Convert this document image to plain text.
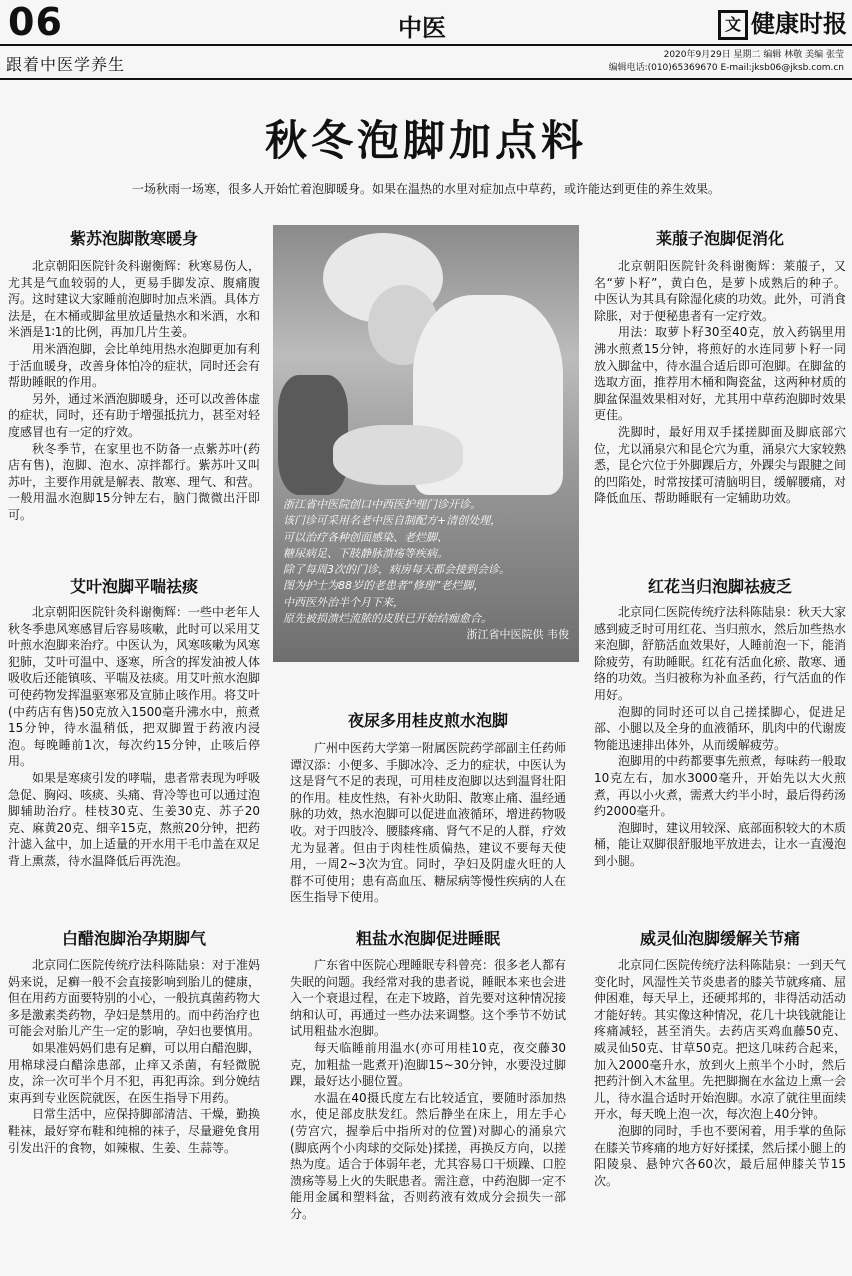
06	中医	文 健康时报
跟着中医学养生	2020年9月29日 星期二 编辑 林敬 美编 张莹
编辑电话:(010)65369670 E-mail:jksb06@jksb.com.cn
秋冬泡脚加点料
一场秋雨一场寒，很多人开始忙着泡脚暖身。如果在温热的水里对症加点中草药，或许能达到更佳的养生效果。
紫苏泡脚散寒暖身

北京朝阳医院针灸科谢衡辉：秋寒易伤人，尤其是气血较弱的人，更易手脚发凉、腹痛腹泻。这时建议大家睡前泡脚时加点米酒。具体方法是，在木桶或脚盆里放适量热水和米酒，水和米酒是1∶1的比例，再加几片生姜。

用米酒泡脚，会比单纯用热水泡脚更加有利于活血暖身，改善身体怕冷的症状，同时还会有帮助睡眠的作用。

另外，通过米酒泡脚暖身，还可以改善体虚的症状，同时，还有助于增强抵抗力，甚至对轻度感冒也有一定的疗效。

秋冬季节，在家里也不防备一点紫苏叶(药店有售)，泡脚、泡水、凉拌都行。紫苏叶又叫苏叶，主要作用就是解表、散寒、理气、和营。一般用温水泡脚15分钟左右，脑门微微出汗即可。

艾叶泡脚平喘祛痰

北京朝阳医院针灸科谢衡辉：一些中老年人秋冬季患风寒感冒后容易咳嗽，此时可以采用艾叶煎水泡脚来治疗。中医认为，风寒咳嗽为风寒犯肺，艾叶可温中、逐寒，所含的挥发油被人体吸收后还能镇咳、平喘及祛痰。用艾叶煎水泡脚可使药物发挥温驱寒邪及宣肺止咳作用。将艾叶(中药店有售)50克放入1500毫升沸水中，煎煮15分钟，待水温稍低，把双脚置于药液内浸泡。每晚睡前1次，每次约15分钟，止咳后停用。

如果是寒痰引发的哮喘，患者常表现为呼吸急促、胸闷、咳痰、头痛、背冷等也可以通过泡脚辅助治疗。桂枝30克、生姜30克、苏子20克、麻黄20克、细辛15克，熬煎20分钟，把药汁滤入盆中，加上适量的开水用干毛巾盖在双足背上熏蒸，待水温降低后再洗泡。

白醋泡脚治孕期脚气

北京同仁医院传统疗法科陈陆泉：对于准妈妈来说，足癣一般不会直接影响到胎儿的健康，但在用药方面要特别的小心，一般抗真菌药物大多是激素类药物，孕妇是禁用的。而中药治疗也可能会对胎儿产生一定的影响，孕妇也要慎用。

如果准妈妈们患有足癣，可以用白醋泡脚，用棉球浸白醋涂患部，止痒又杀菌，有轻微脱皮，涂一次可半个月不犯，再犯再涂。到分娩结束再到专业医院就医，在医生指导下用药。

日常生活中，应保持脚部清洁、干燥，勤换鞋袜，最好穿布鞋和纯棉的袜子，尽量避免食用引发出汗的食物，如辣椒、生姜、生蒜等。

浙江省中医院创口中西医护理门诊开诊。
该门诊可采用名老中医自制配方+清创处理，
可以治疗各种创面感染、老烂脚、
糖尿病足、下肢静脉溃疡等疾病。
除了每周3次的门诊，病房每天都会接到会诊。
图为护士为88岁的老患者“修理”老烂脚，
中西医外治半个月下来，
原先被损溃烂流脓的皮肤已开始结痂愈合。
浙江省中医院供 韦俊
夜尿多用桂皮煎水泡脚

广州中医药大学第一附属医院药学部副主任药师谭汉添：小便多、手脚冰冷、乏力的症状，中医认为这是肾气不足的表现，可用桂皮泡脚以达到温肾壮阳的作用。桂皮性热，有补火助阳、散寒止痛、温经通脉的功效，热水泡脚可以促进血液循环，增进药物吸收。对于四肢冷、腰膝疼痛、肾气不足的人群，疗效尤为显著。但由于肉桂性质偏热，建议不要每天使用，一周2~3次为宜。同时，孕妇及阴虚火旺的人群不可使用；患有高血压、糖尿病等慢性疾病的人在医生指导下使用。

粗盐水泡脚促进睡眠

广东省中医院心理睡眠专科曾亮：很多老人都有失眠的问题。我经常对我的患者说，睡眠本来也会进入一个衰退过程，在走下坡路，首先要对这种情况接纳和认可，再通过一些办法来调整。这个季节不妨试试用粗盐水泡脚。

每天临睡前用温水(亦可用桂10克，夜交藤30克，加粗盐一匙煮开)泡脚15~30分钟，水要没过脚踝，最好达小腿位置。

水温在40摄氏度左右比较适宜，要随时添加热水，使足部皮肤发红。然后静坐在床上，用左手心(劳宫穴，握拳后中指所对的位置)对脚心的涌泉穴(脚底两个小肉球的交际处)揉搓，再换反方向，以搓热为度。适合于体弱年老，尤其容易口干烦躁、口腔溃疡等易上火的失眠患者。需注意，中药泡脚一定不能用金属和塑料盆，否则药液有效成分会损失一部分。

莱菔子泡脚促消化

北京朝阳医院针灸科谢衡辉：莱菔子，又名“萝卜籽”，黄白色，是萝卜成熟后的种子。中医认为其具有除湿化痰的功效。此外，可消食除胀，对于便秘患者有一定疗效。

用法：取萝卜籽30至40克，放入药锅里用沸水煎煮15分钟，将煎好的水连同萝卜籽一同放入脚盆中，待水温合适后即可泡脚。在脚盆的选取方面，推荐用木桶和陶瓷盆，这两种材质的脚盆保温效果相对好，尤其用中草药泡脚时效果更佳。

洗脚时，最好用双手揉搓脚面及脚底部穴位，尤以涌泉穴和昆仑穴为重，涌泉穴大家较熟悉，昆仑穴位于外脚踝后方，外踝尖与跟腱之间的凹陷处，时常按揉可清脑明目，缓解腰痛，对降低血压、帮助睡眠有一定辅助功效。

红花当归泡脚祛疲乏

北京同仁医院传统疗法科陈陆泉：秋天大家感到疲乏时可用红花、当归煎水，然后加些热水来泡脚，舒筋活血效果好，人睡前泡一下，能消除疲劳，有助睡眠。红花有活血化瘀、散寒、通络的功效。当归被称为补血圣药，行气活血的作用好。

泡脚的同时还可以自己搓揉脚心，促进足部、小腿以及全身的血液循环，肌肉中的代谢废物能迅速排出体外，从而缓解疲劳。

泡脚用的中药都要事先煎煮，每味药一般取10克左右，加水3000毫升，开始先以大火煎煮，再以小火煮，需煮大约半小时，最后得药汤约2000毫升。

泡脚时，建议用较深、底部面积较大的木质桶，能让双脚很舒服地平放进去，让水一直漫泡到小腿。

威灵仙泡脚缓解关节痛

北京同仁医院传统疗法科陈陆泉：一到天气变化时，风湿性关节炎患者的膝关节就疼痛、屈伸困难，每天早上，还硬邦邦的，非得活动活动才能好转。其实像这种情况，花几十块钱就能让疼痛减轻，甚至消失。去药店买鸡血藤50克、威灵仙50克、甘草50克。把这几味药合起来，加入2000毫升水，放到火上煎半个小时，然后把药汁倒入木盆里。先把脚搁在水盆边上熏一会儿，待水温合适时开始泡脚。水凉了就往里面续开水，每天晚上泡一次，每次泡上40分钟。

泡脚的同时，手也不要闲着，用手掌的鱼际在膝关节疼痛的地方好好揉揉，然后揉小腿上的阳陵泉、悬钟穴各60次，最后屈伸膝关节15次。
